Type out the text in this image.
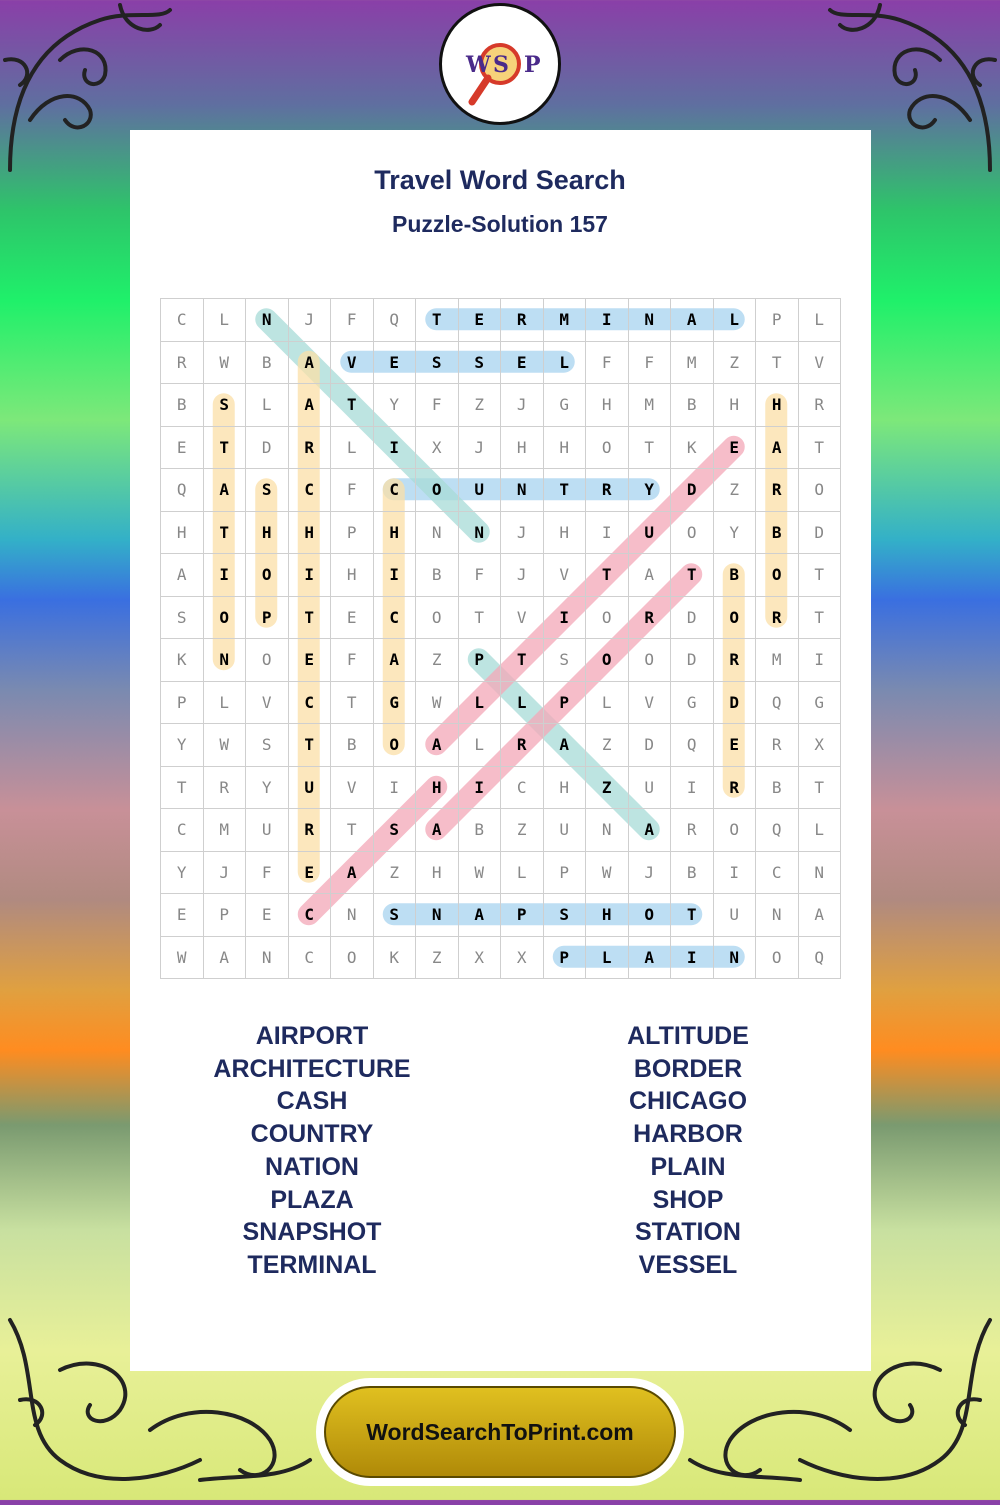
W S P
Travel Word Search
Puzzle-Solution 157
C	L	N	J	F	Q	T	E	R	M	I	N	A	L	P	L
R	W	B	A	V	E	S	S	E	L	F	F	M	Z	T	V
B	S	L	A	T	Y	F	Z	J	G	H	M	B	H	H	R
E	T	D	R	L	I	X	J	H	H	O	T	K	E	A	T
Q	A	S	C	F	C	O	U	N	T	R	Y	D	Z	R	O
H	T	H	H	P	H	N	N	J	H	I	U	O	Y	B	D
A	I	O	I	H	I	B	F	J	V	T	A	T	B	O	T
S	O	P	T	E	C	O	T	V	I	O	R	D	O	R	T
K	N	O	E	F	A	Z	P	T	S	O	O	D	R	M	I
P	L	V	C	T	G	W	L	L	P	L	V	G	D	Q	G
Y	W	S	T	B	O	A	L	R	A	Z	D	Q	E	R	X
T	R	Y	U	V	I	H	I	C	H	Z	U	I	R	B	T
C	M	U	R	T	S	A	B	Z	U	N	A	R	O	Q	L
Y	J	F	E	A	Z	H	W	L	P	W	J	B	I	C	N
E	P	E	C	N	S	N	A	P	S	H	O	T	U	N	A
W	A	N	C	O	K	Z	X	X	P	L	A	I	N	O	Q
AIRPORT
ARCHITECTURE
CASH
COUNTRY
NATION
PLAZA
SNAPSHOT
TERMINAL
ALTITUDE
BORDER
CHICAGO
HARBOR
PLAIN
SHOP
STATION
VESSEL
WordSearchToPrint.com
